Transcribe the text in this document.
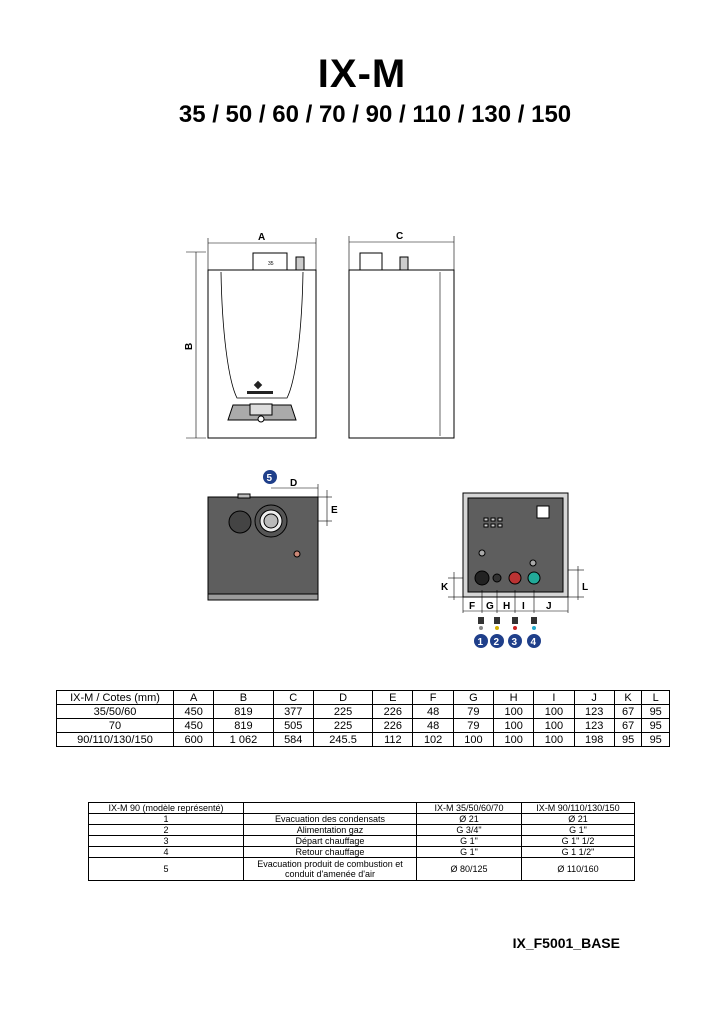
IX-M
35 / 50 / 60 / 70 / 90 / 110 / 130 / 150
35
A
B
C
D
E
5
F G H I J
K	L
1 2 3 4
IX-M / Cotes (mm)	A	B	C	D	E	F	G	H	I	J	K	L
35/50/60	450	819	377	225	226	48	79	100	100	123	67	95
70	450	819	505	225	226	48	79	100	100	123	67	95
90/110/130/150	600	1 062	584	245.5	112	102	100	100	100	198	95	95
IX-M 90 (modèle représenté)		IX-M 35/50/60/70	IX-M 90/110/130/150
1	Evacuation des condensats	Ø 21	Ø 21
2	Alimentation gaz	G 3/4"	G 1"
3	Départ chauffage	G 1"	G 1" 1/2
4	Retour chauffage	G 1"	G 1 1/2"
5	Evacuation produit de combustion et conduit d'amenée d'air	Ø 80/125	Ø 110/160
IX_F5001_BASE
